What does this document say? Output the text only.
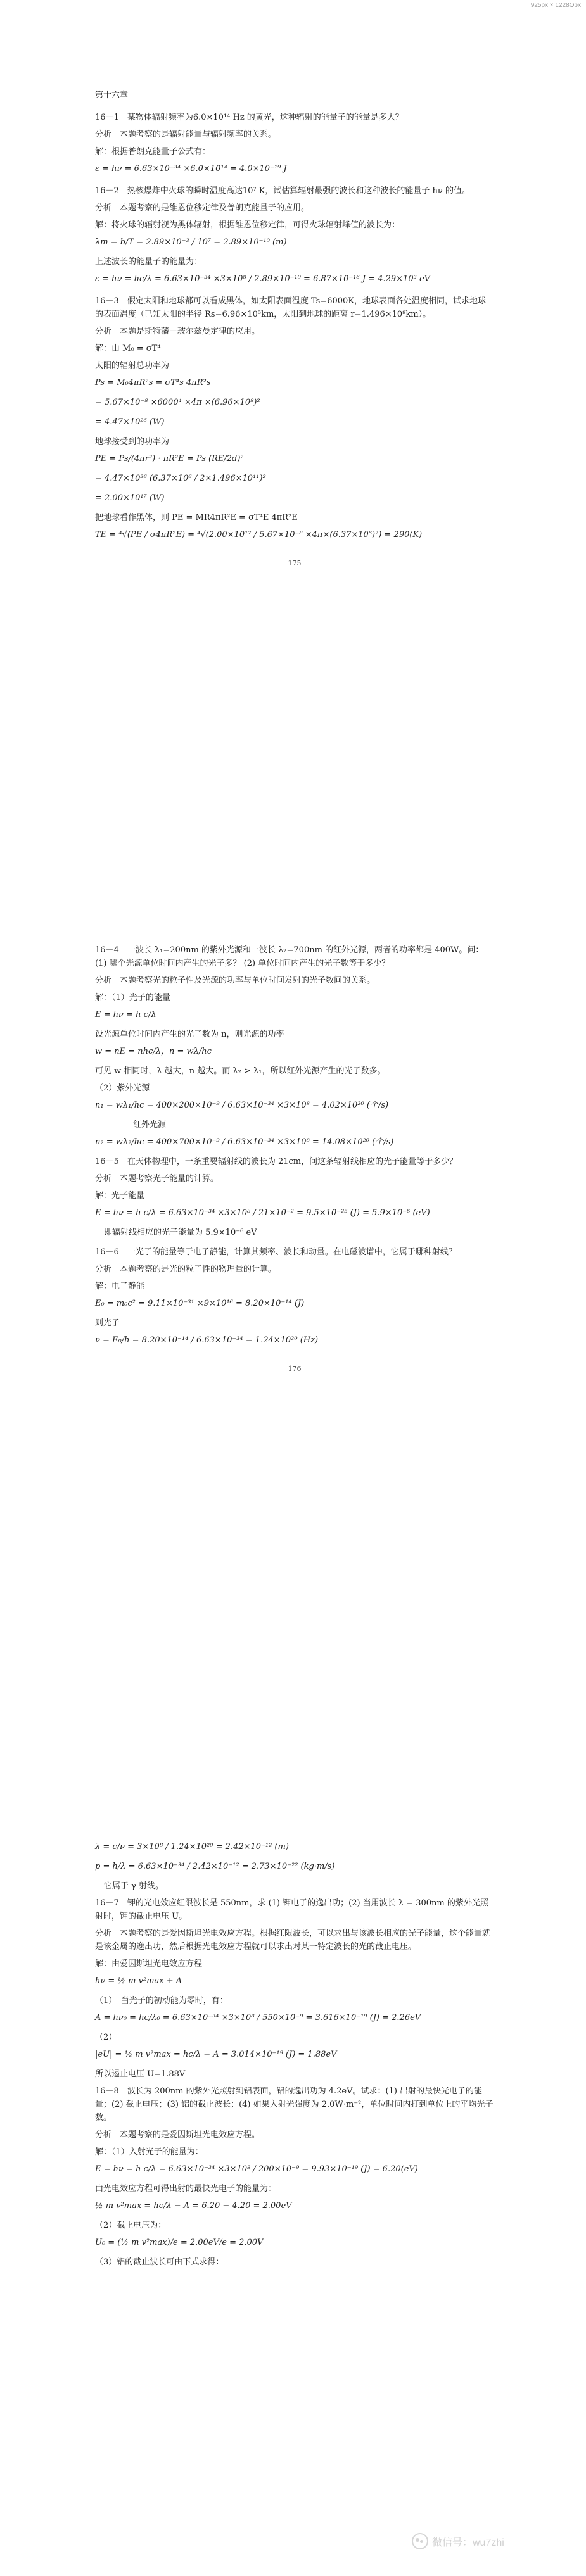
925px × 1228Opx

第十六章

16－1　某物体辐射频率为6.0×10¹⁴ Hz 的黄光，这种辐射的能量子的能量是多大？

分析　本题考察的是辐射能量与辐射频率的关系。

解：根据普朗克能量子公式有：

ε = hν = 6.63×10⁻³⁴ ×6.0×10¹⁴ = 4.0×10⁻¹⁹ J

16－2　热核爆炸中火球的瞬时温度高达10⁷ K，试估算辐射最强的波长和这种波长的能量子 hν 的值。

分析　本题考察的是维恩位移定律及普朗克能量子的应用。

解：将火球的辐射视为黑体辐射，根据维恩位移定律，可得火球辐射峰值的波长为：

λm = b/T = 2.89×10⁻³ / 10⁷ = 2.89×10⁻¹⁰ (m)

上述波长的能量子的能量为：

ε = hν = hc/λ = 6.63×10⁻³⁴ ×3×10⁸ / 2.89×10⁻¹⁰ = 6.87×10⁻¹⁶ J = 4.29×10³ eV

16－3　假定太阳和地球都可以看成黑体，如太阳表面温度 Ts=6000K，地球表面各处温度相同，试求地球的表面温度（已知太阳的半径 Rs=6.96×10⁵km，太阳到地球的距离 r=1.496×10⁸km）。

分析　本题是斯特藩－玻尔兹曼定律的应用。

解：由 M₀ = σT⁴

太阳的辐射总功率为

Ps = M₀4πR²s = σT⁴s 4πR²s

= 5.67×10⁻⁸ ×6000⁴ ×4π ×(6.96×10⁸)²

= 4.47×10²⁶ (W)

地球接受到的功率为

PE = Ps/(4πr²) · πR²E = Ps (RE/2d)²

= 4.47×10²⁶ (6.37×10⁶ / 2×1.496×10¹¹)²

= 2.00×10¹⁷ (W)

把地球看作黑体，则 PE = MR4πR²E = σT⁴E 4πR²E

TE = ⁴√(PE / σ4πR²E) = ⁴√(2.00×10¹⁷ / 5.67×10⁻⁸ ×4π×(6.37×10⁶)²) = 290(K)

175

16－4　一波长 λ₁=200nm 的紫外光源和一波长 λ₂=700nm 的红外光源，两者的功率都是 400W。问：(1) 哪个光源单位时间内产生的光子多？ (2) 单位时间内产生的光子数等于多少？

分析　本题考察光的粒子性及光源的功率与单位时间发射的光子数间的关系。

解：（1）光子的能量

E = hν = h c/λ

设光源单位时间内产生的光子数为 n，则光源的功率

w = nE = nhc/λ，n = wλ/hc

可见 w 相同时，λ 越大，n 越大。而 λ₂ > λ₁，所以红外光源产生的光子数多。

（2）紫外光源

n₁ = wλ₁/hc = 400×200×10⁻⁹ / 6.63×10⁻³⁴ ×3×10⁸ = 4.02×10²⁰ (个/s)

红外光源

n₂ = wλ₂/hc = 400×700×10⁻⁹ / 6.63×10⁻³⁴ ×3×10⁸ = 14.08×10²⁰ (个/s)

16－5　在天体物理中，一条重要辐射线的波长为 21cm，问这条辐射线相应的光子能量等于多少？

分析　本题考察光子能量的计算。

解：光子能量

E = hν = h c/λ = 6.63×10⁻³⁴ ×3×10⁸ / 21×10⁻² = 9.5×10⁻²⁵ (J) = 5.9×10⁻⁶ (eV)

即辐射线相应的光子能量为 5.9×10⁻⁶ eV

16－6　一光子的能量等于电子静能，计算其频率、波长和动量。在电磁波谱中，它属于哪种射线？

分析　本题考察的是光的粒子性的物理量的计算。

解：电子静能

E₀ = m₀c² = 9.11×10⁻³¹ ×9×10¹⁶ = 8.20×10⁻¹⁴ (J)

则光子

ν = E₀/h = 8.20×10⁻¹⁴ / 6.63×10⁻³⁴ = 1.24×10²⁰ (Hz)

176

λ = c/ν = 3×10⁸ / 1.24×10²⁰ = 2.42×10⁻¹² (m)

p = h/λ = 6.63×10⁻³⁴ / 2.42×10⁻¹² = 2.73×10⁻²² (kg·m/s)

它属于 γ 射线。

16－7　钾的光电效应红限波长是 550nm，求 (1) 钾电子的逸出功；(2) 当用波长 λ = 300nm 的紫外光照射时，钾的截止电压 U。

分析　本题考察的是爱因斯坦光电效应方程。根据红限波长，可以求出与该波长相应的光子能量，这个能量就是该金属的逸出功，然后根据光电效应方程就可以求出对某一特定波长的光的截止电压。

解：由爱因斯坦光电效应方程

hν = ½ m v²max + A

（1）　当光子的初动能为零时，有：

A = hν₀ = hc/λ₀ = 6.63×10⁻³⁴ ×3×10⁸ / 550×10⁻⁹ = 3.616×10⁻¹⁹ (J) = 2.26eV

（2）

|eU| = ½ m v²max = hc/λ − A = 3.014×10⁻¹⁹ (J) = 1.88eV

所以遏止电压 U=1.88V

16－8　波长为 200nm 的紫外光照射到铝表面，铝的逸出功为 4.2eV。试求：(1) 出射的最快光电子的能量；(2) 截止电压；(3) 铝的截止波长；(4) 如果入射光强度为 2.0W·m⁻²，单位时间内打到单位上的平均光子数。

分析　本题考察的是爱因斯坦光电效应方程。

解：（1）入射光子的能量为：

E = hν = h c/λ = 6.63×10⁻³⁴ ×3×10⁸ / 200×10⁻⁹ = 9.93×10⁻¹⁹ (J) = 6.20(eV)

由光电效应方程可得出射的最快光电子的能量为：

½ m v²max = hc/λ − A = 6.20 − 4.20 = 2.00eV

（2）截止电压为：

U₀ = (½ m v²max)/e = 2.00eV/e = 2.00V

（3）铝的截止波长可由下式求得：

微信号：wu7zhi
